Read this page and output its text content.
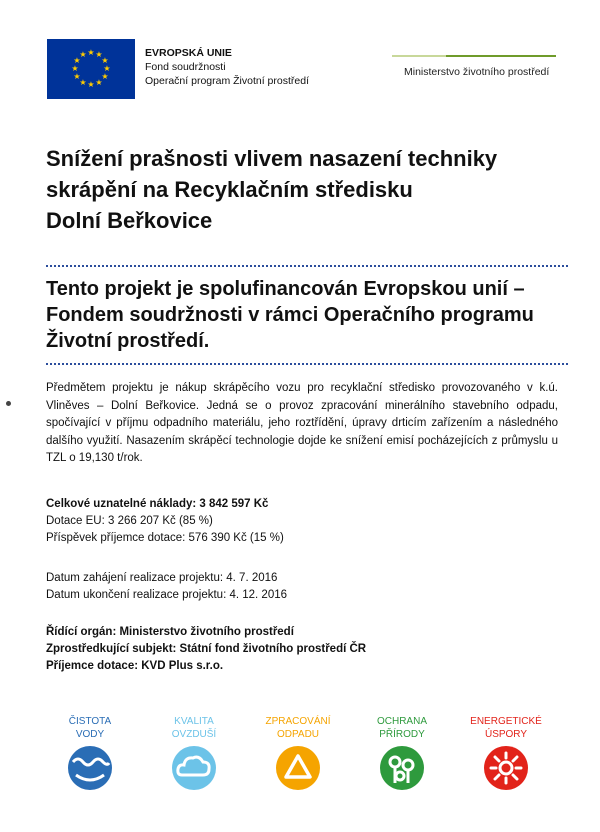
★ ★
★
★
★
★
★
★
★
★
★
★	EVROPSKÁ UNIE
Fond soudržnosti
Operační program Životní prostředí
Ministerstvo životního prostředí
Snížení prašnosti vlivem nasazení techniky
skrápění na Recyklačním středisku
Dolní Beřkovice
Tento projekt je spolufinancován Evropskou unií –
Fondem soudržnosti v rámci Operačního programu
Životní prostředí.

Předmětem projektu je nákup skrápěcího vozu pro recyklační středisko provozovaného v k.ú. Vliněves – Dolní Beřkovice. Jedná se o provoz zpracování minerálního stavebního odpadu, spočívající v příjmu odpadního materiálu, jeho roztřídění, úpravy drticím zařízením a následného dalšího využití. Nasazením skrápěcí technologie dojde ke snížení emisí pocházejících z průmyslu u TZL o 19,130 t/rok.

Celkové uznatelné náklady: 3 842 597 Kč
Dotace EU: 3 266 207 Kč (85 %)
Příspěvek příjemce dotace: 576 390 Kč (15 %)
Datum zahájení realizace projektu: 4. 7. 2016
Datum ukončení realizace projektu: 4. 12. 2016
Řídící orgán: Ministerstvo životního prostředí
Zprostředkující subjekt: Státní fond životního prostředí ČR
Příjemce dotace: KVD Plus s.r.o.
ČISTOTA
VODY
KVALITA
OVZDUŠÍ
ZPRACOVÁNÍ
ODPADU
OCHRANA
PŘÍRODY
ENERGETICKÉ
ÚSPORY
